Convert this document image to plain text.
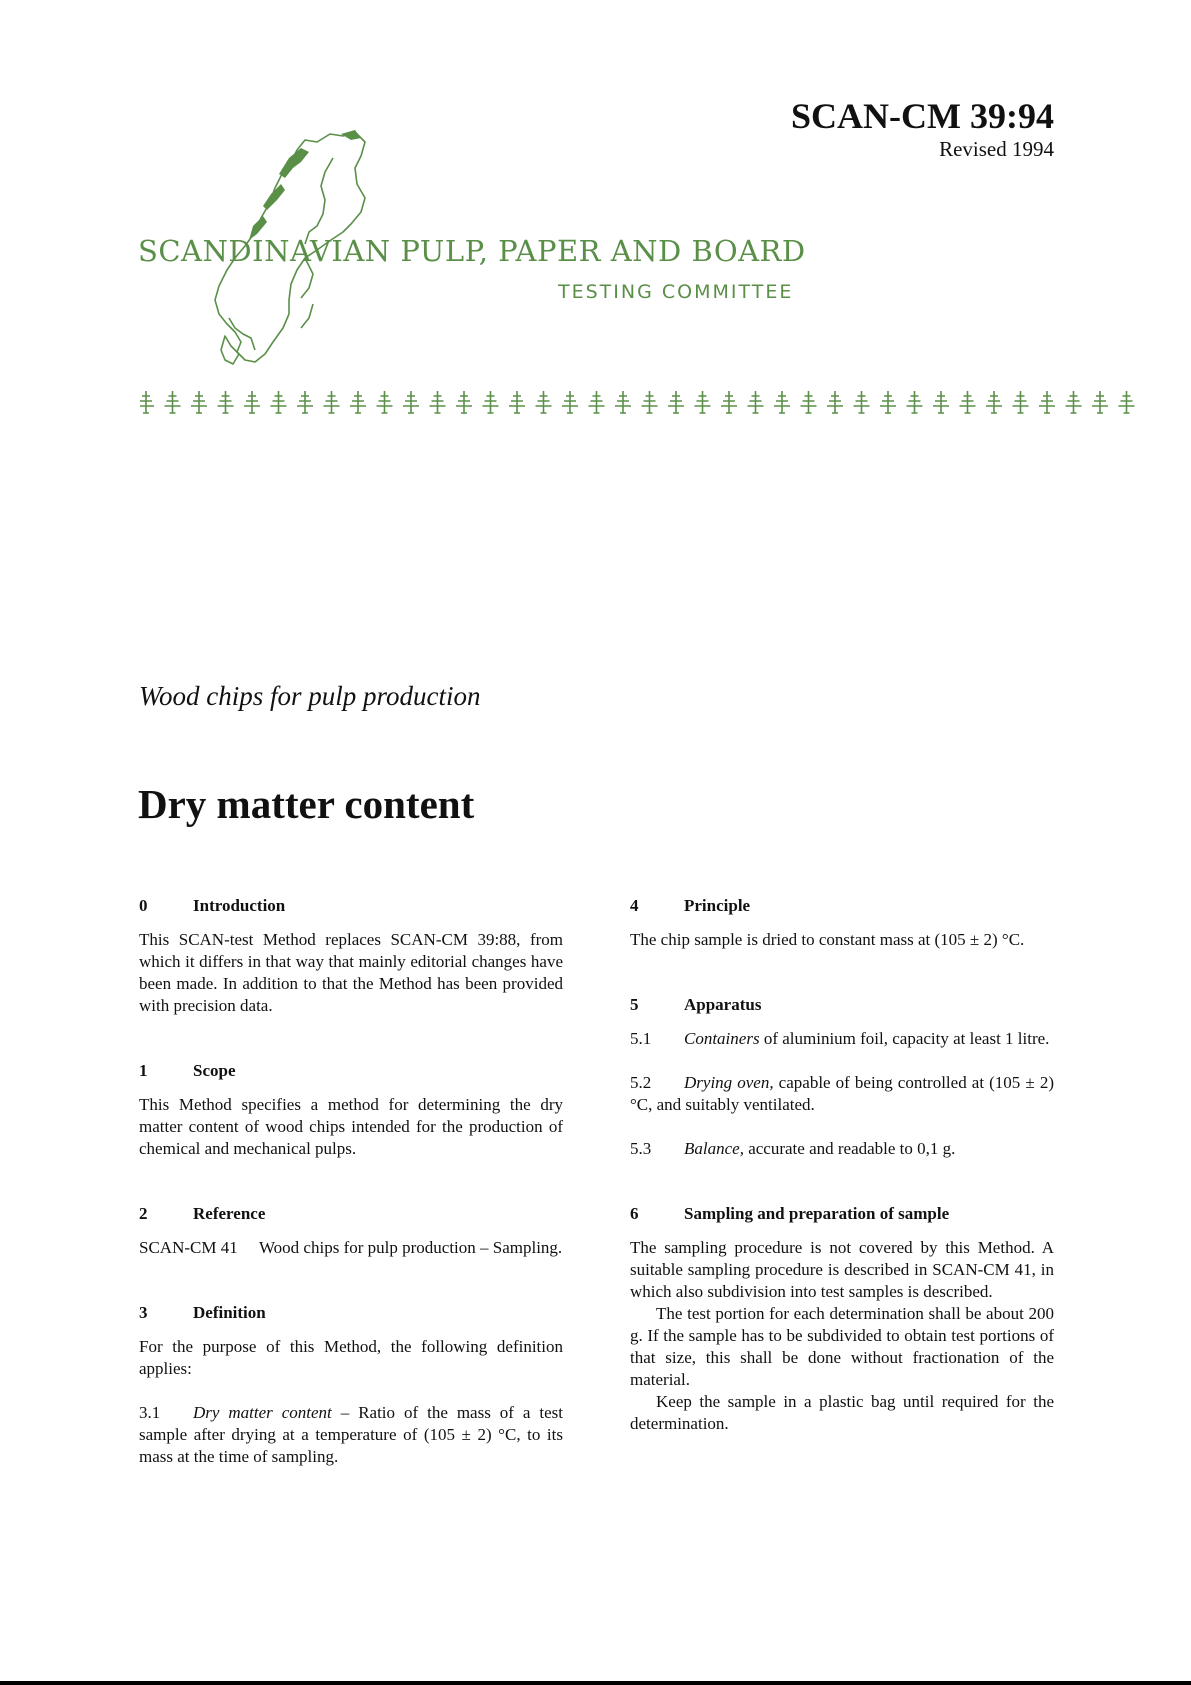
SCAN-CM 39:94
Revised 1994
SCANDINAVIAN PULP, PAPER AND BOARD
TESTING COMMITTEE
Wood chips for pulp production
Dry matter content
0	Introduction

This SCAN-test Method replaces SCAN-CM 39:88, from which it differs in that way that mainly editorial changes have been made. In addition to that the Method has been provided with precision data.

1	Scope

This Method specifies a method for determining the dry matter content of wood chips intended for the production of chemical and mechanical pulps.

2	Reference

SCAN-CM 41 Wood chips for pulp production – Sampling.

3	Definition

For the purpose of this Method, the following definition applies:

3.1 Dry matter content – Ratio of the mass of a test sample after drying at a temperature of (105 ± 2) °C, to its mass at the time of sampling.

4	Principle

The chip sample is dried to constant mass at (105 ± 2) °C.

5	Apparatus

5.1 Containers of aluminium foil, capacity at least 1 litre.

5.2 Drying oven, capable of being controlled at (105 ± 2) °C, and suitably ventilated.

5.3 Balance, accurate and readable to 0,1 g.

6	Sampling and preparation of sample

The sampling procedure is not covered by this Method. A suitable sampling procedure is described in SCAN-CM 41, in which also subdivision into test samples is described.

The test portion for each determination shall be about 200 g. If the sample has to be subdivided to obtain test portions of that size, this shall be done without fractionation of the material.

Keep the sample in a plastic bag until required for the determination.
